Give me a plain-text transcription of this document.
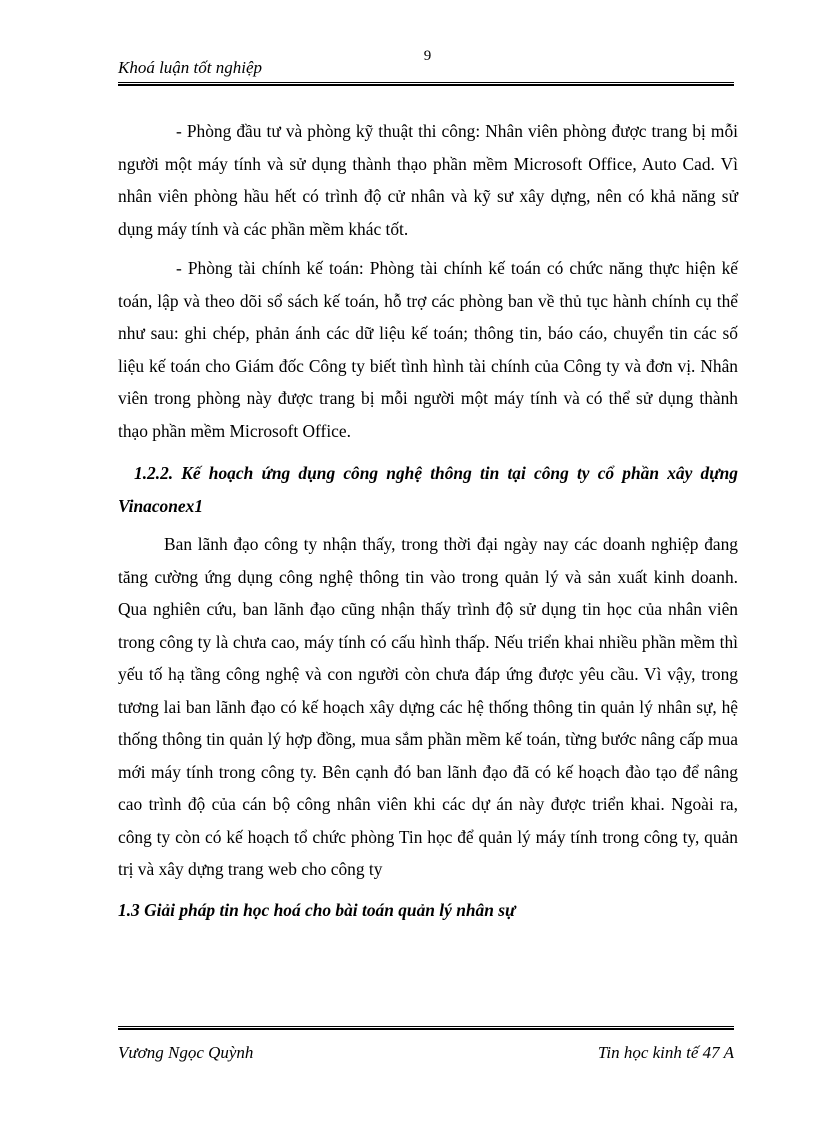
9
Khoá luận tốt nghiệp

- Phòng đầu tư và phòng kỹ thuật thi công: Nhân viên phòng được trang bị mỗi người một máy tính và sử dụng thành thạo phần mềm Microsoft Office, Auto Cad. Vì nhân viên phòng hầu hết có trình độ cử nhân và kỹ sư xây dựng, nên có khả năng sử dụng máy tính và các phần mềm khác tốt.

- Phòng tài chính kế toán: Phòng tài chính kế toán có chức năng thực hiện kế toán, lập và theo dõi sổ sách kế toán, hỗ trợ các phòng ban về thủ tục hành chính cụ thể như sau: ghi chép, phản ánh các dữ liệu kế toán; thông tin, báo cáo, chuyển tin các số liệu kế toán cho Giám đốc Công ty biết tình hình tài chính của Công ty và đơn vị. Nhân viên trong phòng này được trang bị mỗi người một máy tính và có thể sử dụng thành thạo phần mềm Microsoft Office.

1.2.2. Kế hoạch ứng dụng công nghệ thông tin tại công ty cổ phần xây dựng Vinaconex1

Ban lãnh đạo công ty nhận thấy, trong thời đại ngày nay các doanh nghiệp đang tăng cường ứng dụng công nghệ thông tin vào trong quản lý và sản xuất kinh doanh. Qua nghiên cứu, ban lãnh đạo cũng nhận thấy trình độ sử dụng tin học của nhân viên trong công ty là chưa cao, máy tính có cấu hình thấp. Nếu triển khai nhiều phần mềm thì yếu tố hạ tầng công nghệ và con người còn chưa đáp ứng được yêu cầu. Vì vậy, trong tương lai ban lãnh đạo có kế hoạch xây dựng các hệ thống thông tin quản lý nhân sự, hệ thống thông tin quản lý hợp đồng, mua sắm phần mềm kế toán, từng bước nâng cấp mua mới máy tính trong công ty. Bên cạnh đó ban lãnh đạo đã có kế hoạch đào tạo để nâng cao trình độ của cán bộ công nhân viên khi các dự án này được triển khai. Ngoài ra, công ty còn có kế hoạch tổ chức phòng Tin học để quản lý máy tính trong công ty, quản trị và xây dựng trang web cho công ty

1.3 Giải pháp tin học hoá cho bài toán quản lý nhân sự

Vương Ngọc Quỳnh	Tin học kinh tế 47 A
